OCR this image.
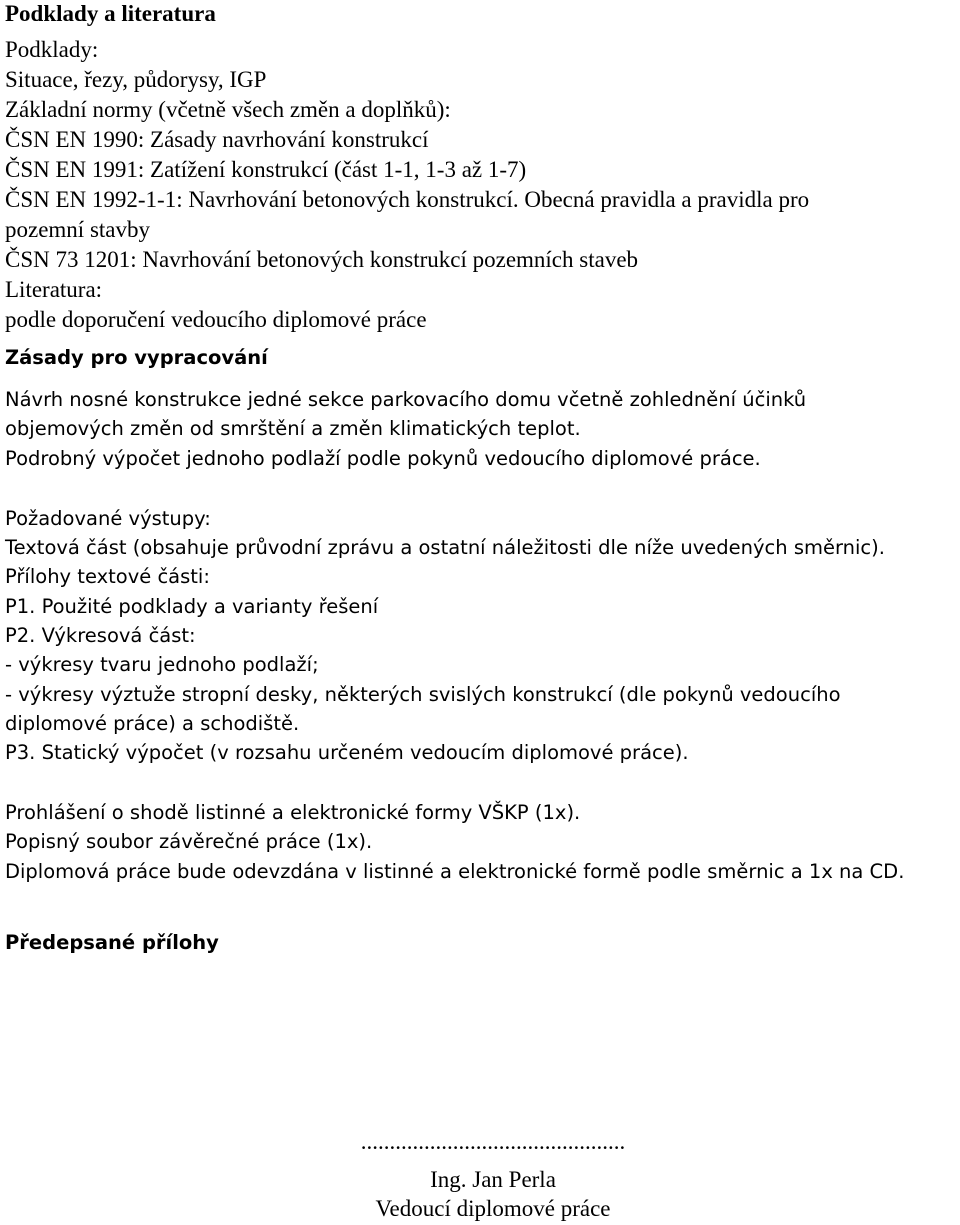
Podklady a literatura
Podklady:
Situace, řezy, půdorysy, IGP
Základní normy (včetně všech změn a doplňků):
ČSN EN 1990: Zásady navrhování konstrukcí
ČSN EN 1991: Zatížení konstrukcí (část 1-1, 1-3 až 1-7)
ČSN EN 1992-1-1: Navrhování betonových konstrukcí. Obecná pravidla a pravidla pro
pozemní stavby
ČSN 73 1201: Navrhování betonových konstrukcí pozemních staveb
Literatura:
podle doporučení vedoucího diplomové práce
Zásady pro vypracování
Návrh nosné konstrukce jedné sekce parkovacího domu včetně zohlednění účinků
objemových změn od smrštění a změn klimatických teplot.
Podrobný výpočet jednoho podlaží podle pokynů vedoucího diplomové práce.
Požadované výstupy:
Textová část (obsahuje průvodní zprávu a ostatní náležitosti dle níže uvedených směrnic).
Přílohy textové části:
P1. Použité podklady a varianty řešení
P2. Výkresová část:
- výkresy tvaru jednoho podlaží;
- výkresy výztuže stropní desky, některých svislých konstrukcí (dle pokynů vedoucího
diplomové práce) a schodiště.
P3. Statický výpočet (v rozsahu určeném vedoucím diplomové práce).
Prohlášení o shodě listinné a elektronické formy VŠKP (1x).
Popisný soubor závěrečné práce (1x).
Diplomová práce bude odevzdána v listinné a elektronické formě podle směrnic a 1x na CD.
Předepsané přílohy
..............................................
Ing. Jan Perla
Vedoucí diplomové práce
